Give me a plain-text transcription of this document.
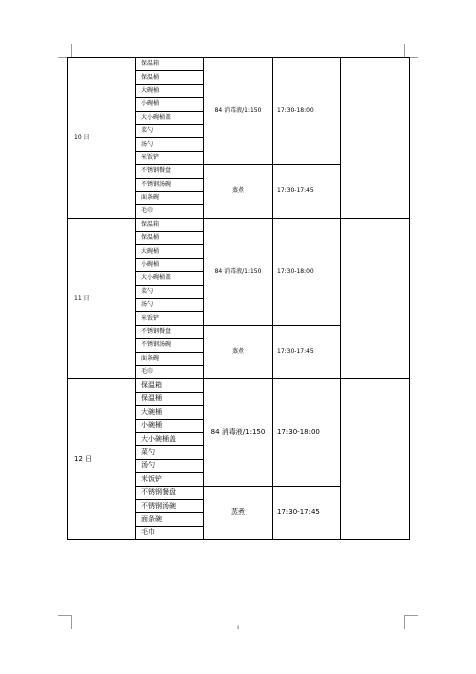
10 日	保温箱	84 消毒液/1:150	17:30-18:00	
	保温桶			
	大碗桶			
	小碗桶			
	大小碗桶盖			
	菜勺			
	汤勺			
	米饭铲			
	不锈钢餐盘	蒸煮	17:30-17:45	
	不锈钢汤碗			
	面条碗			
	毛巾			
11 日	保温箱	84 消毒液/1:150	17:30-18:00	
	保温桶			
	大碗桶			
	小碗桶			
	大小碗桶盖			
	菜勺			
	汤勺			
	米饭铲			
	不锈钢餐盘	蒸煮	17:30-17:45	
	不锈钢汤碗			
	面条碗			
	毛巾			
12 日	保温箱	84 消毒液/1:150	17:30-18:00	
	保温桶			
	大碗桶			
	小碗桶			
	大小碗桶盖			
	菜勺			
	汤勺			
	米饭铲			
	不锈钢餐盘	蒸煮	17:30-17:45	
	不锈钢汤碗			
	面条碗			
	毛巾			
4
